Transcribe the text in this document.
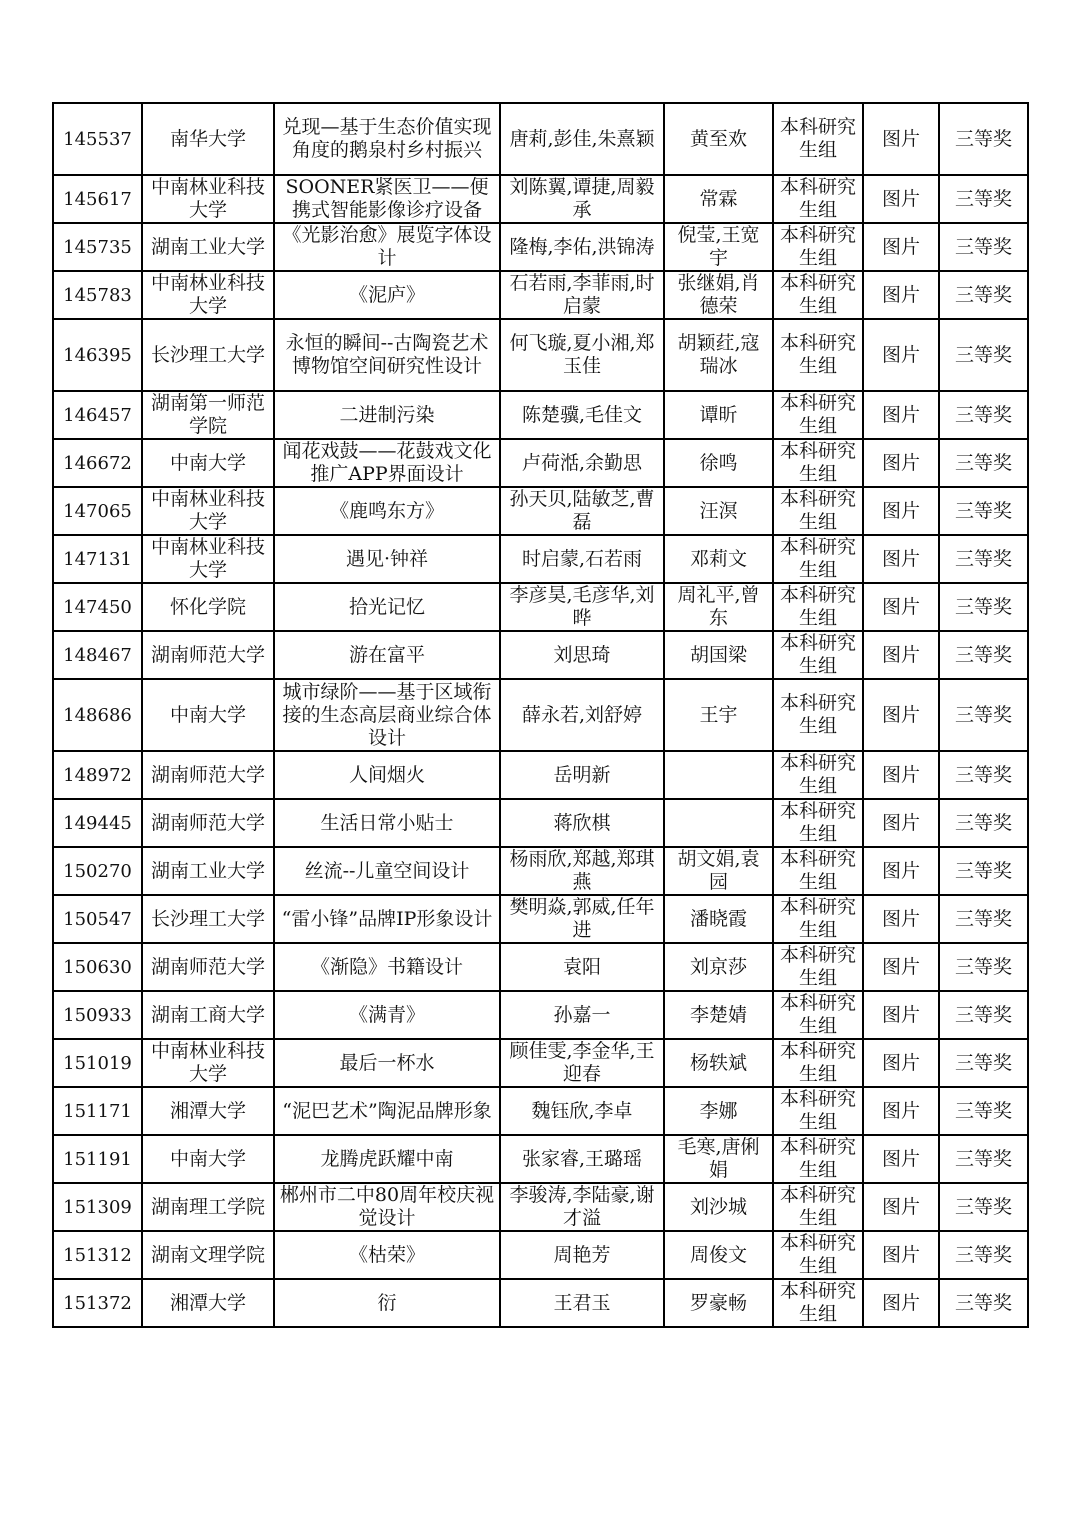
145537	南华大学	兑现—基于生态价值实现角度的鹅泉村乡村振兴	唐莉,彭佳,朱熹颖	黄至欢	本科研究生组	图片	三等奖
145617	中南林业科技大学	SOONER紧医卫——便携式智能影像诊疗设备	刘陈翼,谭捷,周毅承	常霖	本科研究生组	图片	三等奖
145735	湖南工业大学	《光影治愈》展览字体设计	隆梅,李佑,洪锦涛	倪莹,王宽宇	本科研究生组	图片	三等奖
145783	中南林业科技大学	《泥庐》	石若雨,李菲雨,时启蒙	张继娟,肖德荣	本科研究生组	图片	三等奖
146395	长沙理工大学	永恒的瞬间--古陶瓷艺术博物馆空间研究性设计	何飞璇,夏小湘,郑玉佳	胡颖荭,寇瑞冰	本科研究生组	图片	三等奖
146457	湖南第一师范学院	二进制污染	陈楚骥,毛佳文	谭昕	本科研究生组	图片	三等奖
146672	中南大学	闻花戏鼓——花鼓戏文化推广APP界面设计	卢荷湉,余勤思	徐鸣	本科研究生组	图片	三等奖
147065	中南林业科技大学	《鹿鸣东方》	孙天贝,陆敏芝,曹磊	汪溟	本科研究生组	图片	三等奖
147131	中南林业科技大学	遇见·钟祥	时启蒙,石若雨	邓莉文	本科研究生组	图片	三等奖
147450	怀化学院	拾光记忆	李彦昊,毛彦华,刘晔	周礼平,曾东	本科研究生组	图片	三等奖
148467	湖南师范大学	游在富平	刘思琦	胡国梁	本科研究生组	图片	三等奖
148686	中南大学	城市绿阶——基于区域衔接的生态高层商业综合体设计	薛永若,刘舒婷	王宇	本科研究生组	图片	三等奖
148972	湖南师范大学	人间烟火	岳明新		本科研究生组	图片	三等奖
149445	湖南师范大学	生活日常小贴士	蒋欣棋		本科研究生组	图片	三等奖
150270	湖南工业大学	丝流--儿童空间设计	杨雨欣,郑越,郑琪燕	胡文娟,袁园	本科研究生组	图片	三等奖
150547	长沙理工大学	“雷小锋”品牌IP形象设计	樊明焱,郭威,任年进	潘晓霞	本科研究生组	图片	三等奖
150630	湖南师范大学	《渐隐》书籍设计	袁阳	刘京莎	本科研究生组	图片	三等奖
150933	湖南工商大学	《满青》	孙嘉一	李楚婧	本科研究生组	图片	三等奖
151019	中南林业科技大学	最后一杯水	顾佳雯,李金华,王迎春	杨轶斌	本科研究生组	图片	三等奖
151171	湘潭大学	“泥巴艺术”陶泥品牌形象	魏钰欣,李卓	李娜	本科研究生组	图片	三等奖
151191	中南大学	龙腾虎跃耀中南	张家睿,王璐瑶	毛寒,唐俐娟	本科研究生组	图片	三等奖
151309	湖南理工学院	郴州市二中80周年校庆视觉设计	李骏涛,李陆豪,谢才溢	刘沙城	本科研究生组	图片	三等奖
151312	湖南文理学院	《枯荣》	周艳芳	周俊文	本科研究生组	图片	三等奖
151372	湘潭大学	衍	王君玉	罗豪畅	本科研究生组	图片	三等奖
